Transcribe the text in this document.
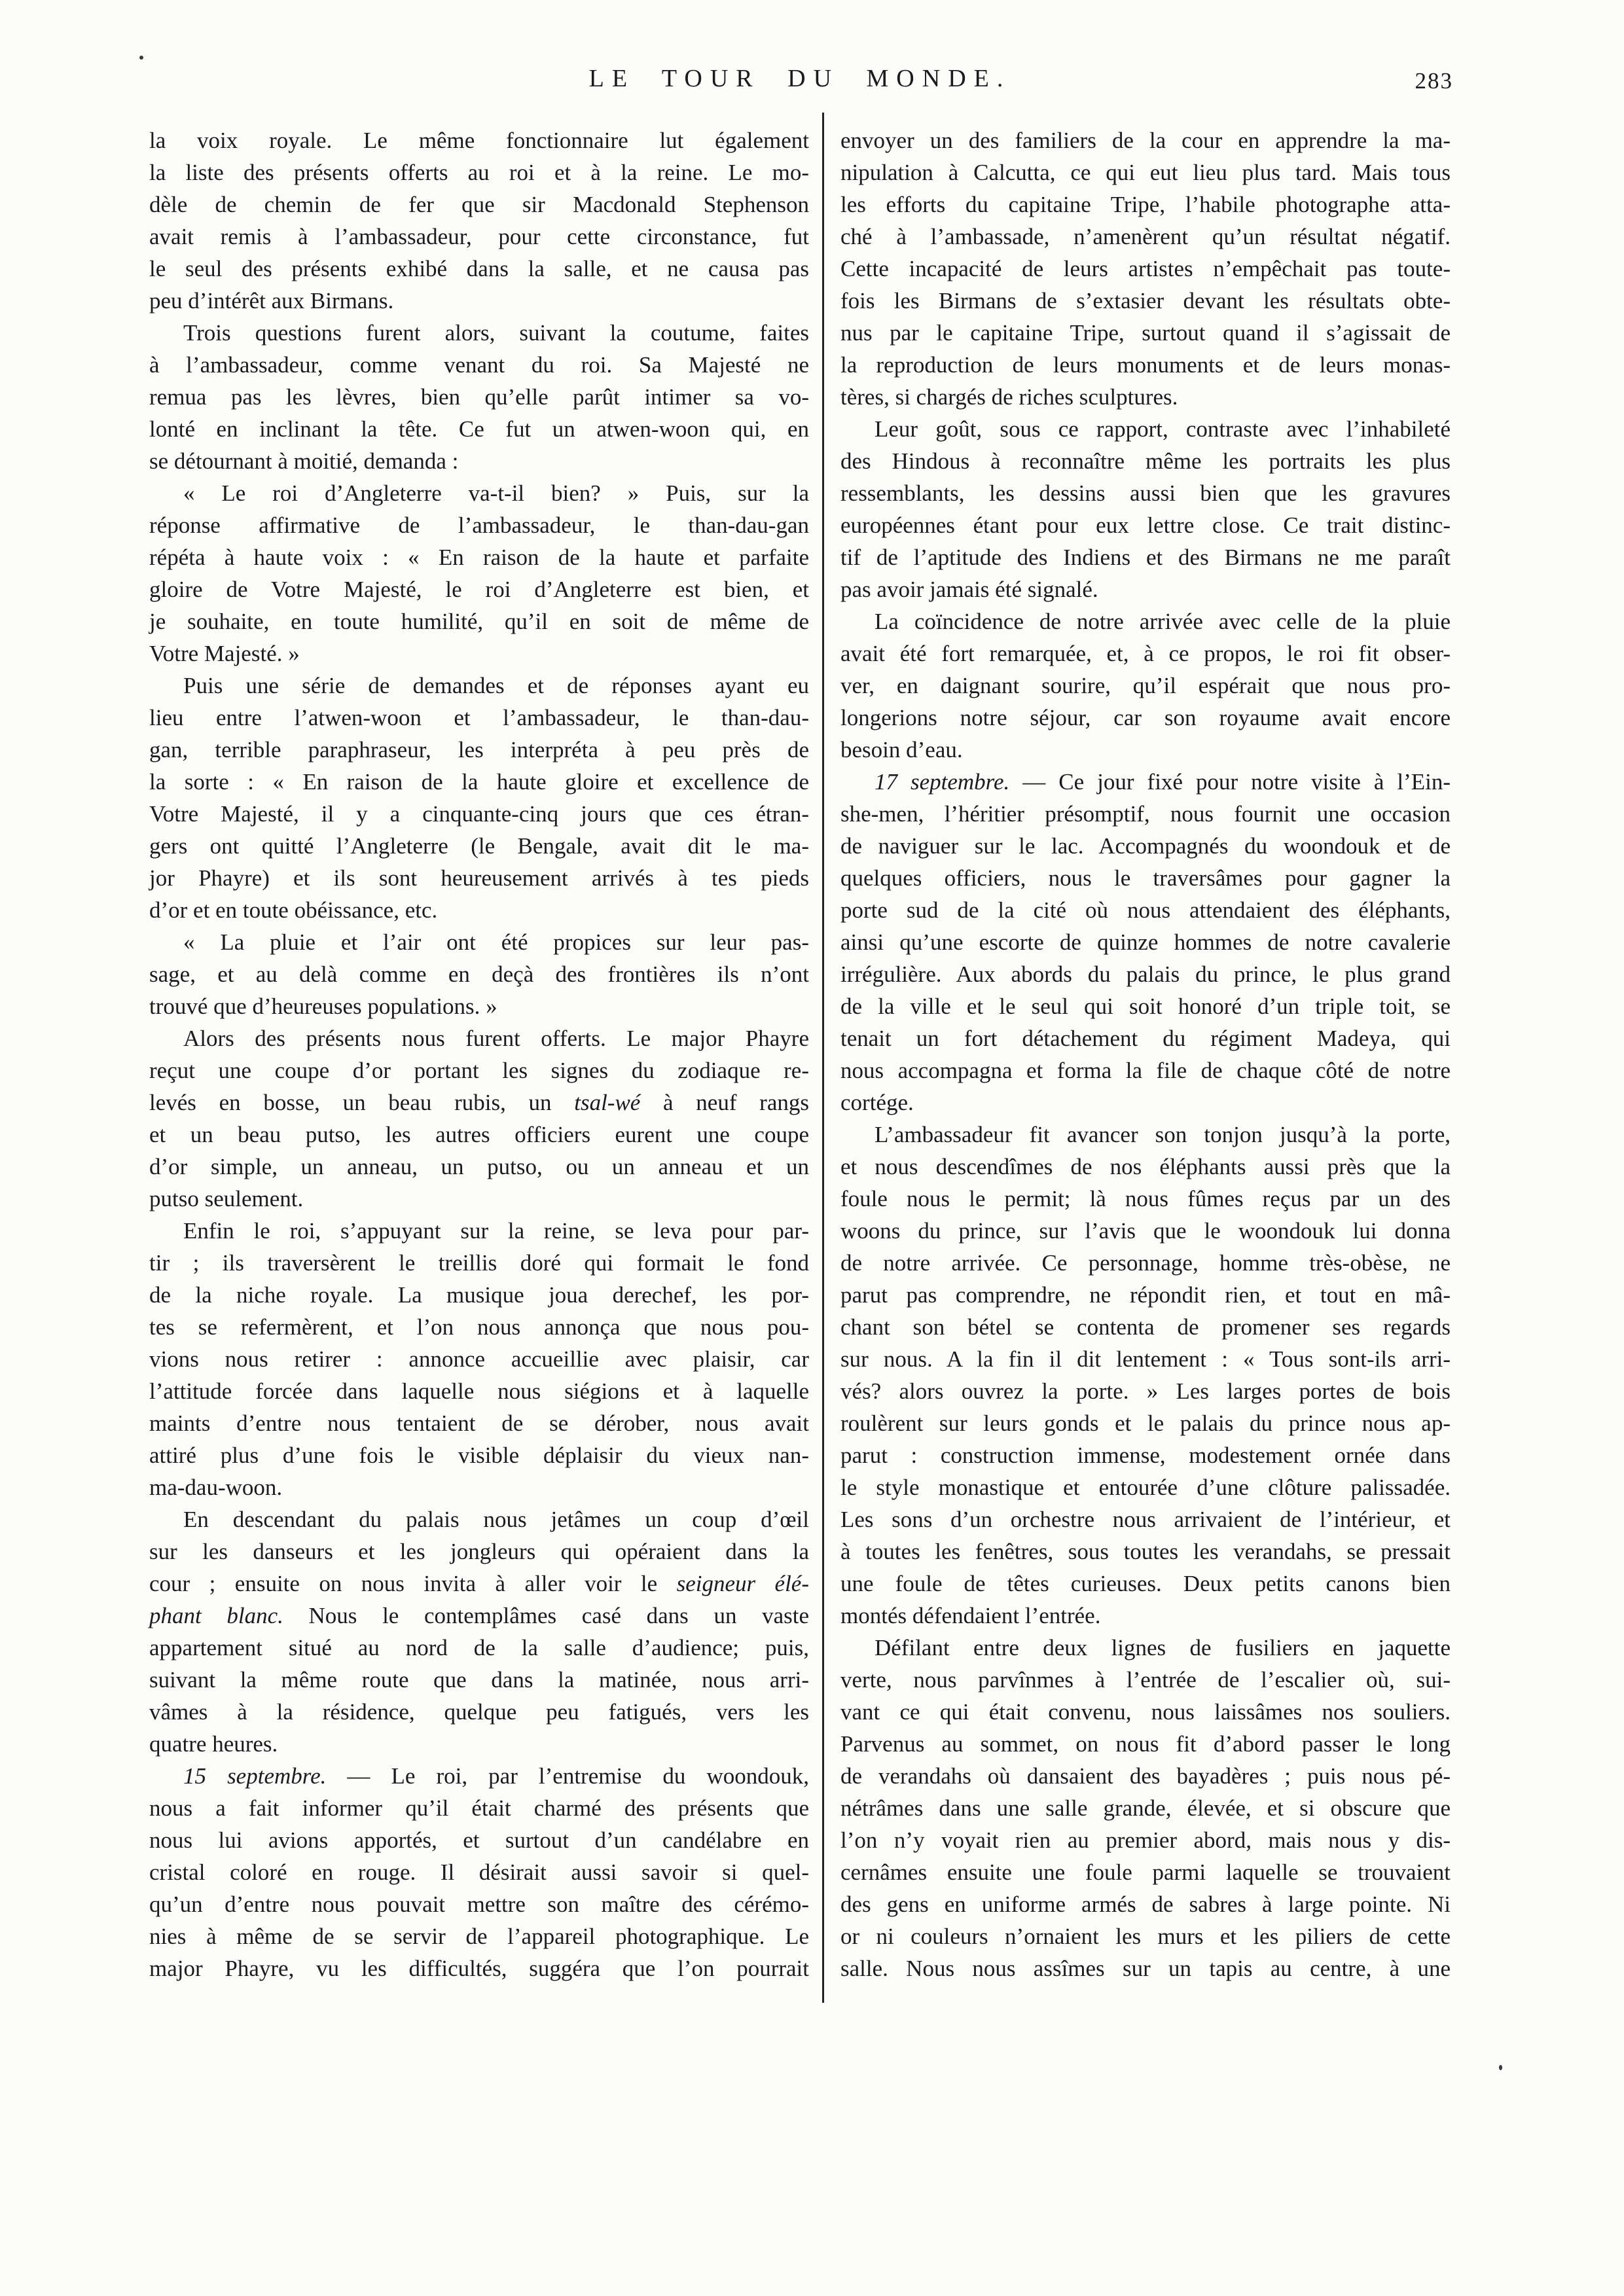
LE TOUR DU MONDE.	283
la voix royale. Le même fonctionnaire lut également
la liste des présents offerts au roi et à la reine. Le mo-
dèle de chemin de fer que sir Macdonald Stephenson
avait remis à l’ambassadeur, pour cette circonstance, fut
le seul des présents exhibé dans la salle, et ne causa pas
peu d’intérêt aux Birmans.
Trois questions furent alors, suivant la coutume, faites
à l’ambassadeur, comme venant du roi. Sa Majesté ne
remua pas les lèvres, bien qu’elle parût intimer sa vo-
lonté en inclinant la tête. Ce fut un atwen-woon qui, en
se détournant à moitié, demanda :
« Le roi d’Angleterre va-t-il bien? » Puis, sur la
réponse affirmative de l’ambassadeur, le than-dau-gan
répéta à haute voix : « En raison de la haute et parfaite
gloire de Votre Majesté, le roi d’Angleterre est bien, et
je souhaite, en toute humilité, qu’il en soit de même de
Votre Majesté. »
Puis une série de demandes et de réponses ayant eu
lieu entre l’atwen-woon et l’ambassadeur, le than-dau-
gan, terrible paraphraseur, les interpréta à peu près de
la sorte : « En raison de la haute gloire et excellence de
Votre Majesté, il y a cinquante-cinq jours que ces étran-
gers ont quitté l’Angleterre (le Bengale, avait dit le ma-
jor Phayre) et ils sont heureusement arrivés à tes pieds
d’or et en toute obéissance, etc.
« La pluie et l’air ont été propices sur leur pas-
sage, et au delà comme en deçà des frontières ils n’ont
trouvé que d’heureuses populations. »
Alors des présents nous furent offerts. Le major Phayre
reçut une coupe d’or portant les signes du zodiaque re-
levés en bosse, un beau rubis, un tsal-wé à neuf rangs
et un beau putso, les autres officiers eurent une coupe
d’or simple, un anneau, un putso, ou un anneau et un
putso seulement.
Enfin le roi, s’appuyant sur la reine, se leva pour par-
tir ; ils traversèrent le treillis doré qui formait le fond
de la niche royale. La musique joua derechef, les por-
tes se refermèrent, et l’on nous annonça que nous pou-
vions nous retirer : annonce accueillie avec plaisir, car
l’attitude forcée dans laquelle nous siégions et à laquelle
maints d’entre nous tentaient de se dérober, nous avait
attiré plus d’une fois le visible déplaisir du vieux nan-
ma-dau-woon.
En descendant du palais nous jetâmes un coup d’œil
sur les danseurs et les jongleurs qui opéraient dans la
cour ; ensuite on nous invita à aller voir le seigneur élé-
phant blanc. Nous le contemplâmes casé dans un vaste
appartement situé au nord de la salle d’audience; puis,
suivant la même route que dans la matinée, nous arri-
vâmes à la résidence, quelque peu fatigués, vers les
quatre heures.
15 septembre. — Le roi, par l’entremise du woondouk,
nous a fait informer qu’il était charmé des présents que
nous lui avions apportés, et surtout d’un candélabre en
cristal coloré en rouge. Il désirait aussi savoir si quel-
qu’un d’entre nous pouvait mettre son maître des cérémo-
nies à même de se servir de l’appareil photographique. Le
major Phayre, vu les difficultés, suggéra que l’on pourrait
envoyer un des familiers de la cour en apprendre la ma-
nipulation à Calcutta, ce qui eut lieu plus tard. Mais tous
les efforts du capitaine Tripe, l’habile photographe atta-
ché à l’ambassade, n’amenèrent qu’un résultat négatif.
Cette incapacité de leurs artistes n’empêchait pas toute-
fois les Birmans de s’extasier devant les résultats obte-
nus par le capitaine Tripe, surtout quand il s’agissait de
la reproduction de leurs monuments et de leurs monas-
tères, si chargés de riches sculptures.
Leur goût, sous ce rapport, contraste avec l’inhabileté
des Hindous à reconnaître même les portraits les plus
ressemblants, les dessins aussi bien que les gravures
européennes étant pour eux lettre close. Ce trait distinc-
tif de l’aptitude des Indiens et des Birmans ne me paraît
pas avoir jamais été signalé.
La coïncidence de notre arrivée avec celle de la pluie
avait été fort remarquée, et, à ce propos, le roi fit obser-
ver, en daignant sourire, qu’il espérait que nous pro-
longerions notre séjour, car son royaume avait encore
besoin d’eau.
17 septembre. — Ce jour fixé pour notre visite à l’Ein-
she-men, l’héritier présomptif, nous fournit une occasion
de naviguer sur le lac. Accompagnés du woondouk et de
quelques officiers, nous le traversâmes pour gagner la
porte sud de la cité où nous attendaient des éléphants,
ainsi qu’une escorte de quinze hommes de notre cavalerie
irrégulière. Aux abords du palais du prince, le plus grand
de la ville et le seul qui soit honoré d’un triple toit, se
tenait un fort détachement du régiment Madeya, qui
nous accompagna et forma la file de chaque côté de notre
cortége.
L’ambassadeur fit avancer son tonjon jusqu’à la porte,
et nous descendîmes de nos éléphants aussi près que la
foule nous le permit; là nous fûmes reçus par un des
woons du prince, sur l’avis que le woondouk lui donna
de notre arrivée. Ce personnage, homme très-obèse, ne
parut pas comprendre, ne répondit rien, et tout en mâ-
chant son bétel se contenta de promener ses regards
sur nous. A la fin il dit lentement : « Tous sont-ils arri-
vés? alors ouvrez la porte. » Les larges portes de bois
roulèrent sur leurs gonds et le palais du prince nous ap-
parut : construction immense, modestement ornée dans
le style monastique et entourée d’une clôture palissadée.
Les sons d’un orchestre nous arrivaient de l’intérieur, et
à toutes les fenêtres, sous toutes les verandahs, se pressait
une foule de têtes curieuses. Deux petits canons bien
montés défendaient l’entrée.
Défilant entre deux lignes de fusiliers en jaquette
verte, nous parvînmes à l’entrée de l’escalier où, sui-
vant ce qui était convenu, nous laissâmes nos souliers.
Parvenus au sommet, on nous fit d’abord passer le long
de verandahs où dansaient des bayadères ; puis nous pé-
nétrâmes dans une salle grande, élevée, et si obscure que
l’on n’y voyait rien au premier abord, mais nous y dis-
cernâmes ensuite une foule parmi laquelle se trouvaient
des gens en uniforme armés de sabres à large pointe. Ni
or ni couleurs n’ornaient les murs et les piliers de cette
salle. Nous nous assîmes sur un tapis au centre, à une
